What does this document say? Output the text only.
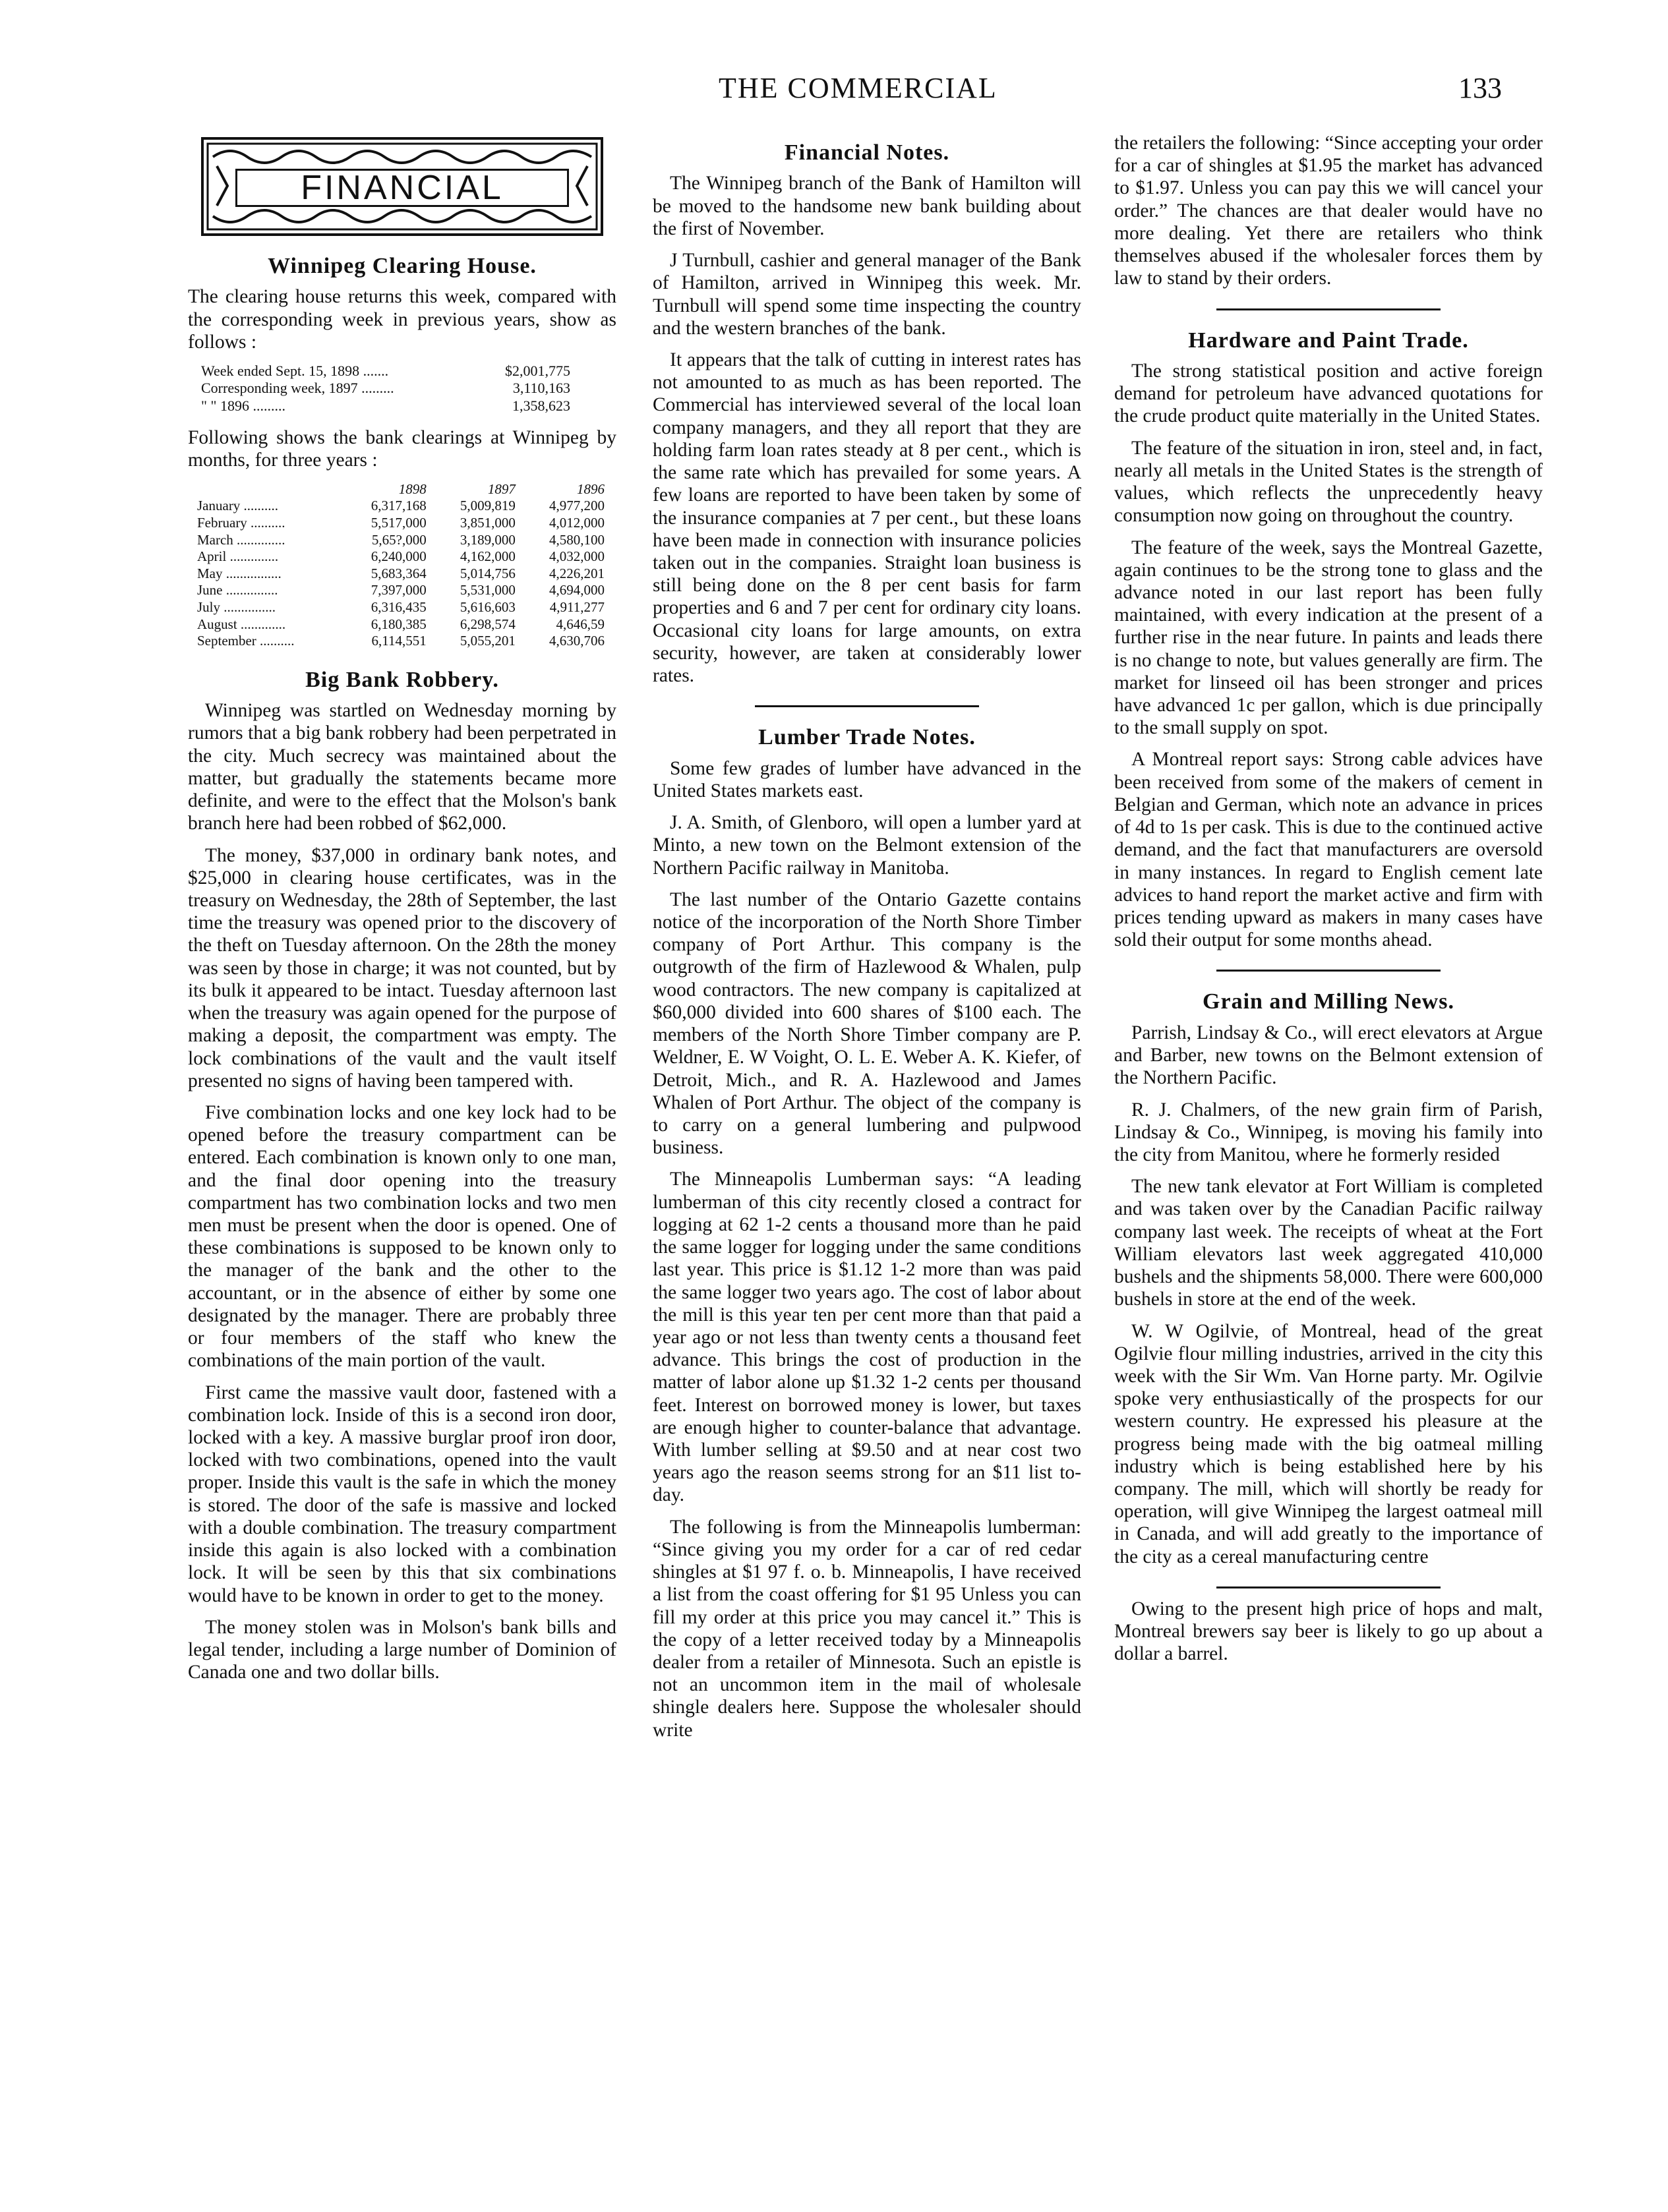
THE COMMERCIAL	133
FINANCIAL
Winnipeg Clearing House.

The clearing house returns this week, compared with the corresponding week in previous years, show as follows :

Week ended Sept. 15, 1898 .......	$2,001,775
Corresponding week, 1897 .........	3,110,163
" " 1896 .........	1,358,623

Following shows the bank clearings at Winnipeg by months, for three years :

	1898	1897	1896
January ..........	6,317,168	5,009,819	4,977,200
February ..........	5,517,000	3,851,000	4,012,000
March ..............	5,65?,000	3,189,000	4,580,100
April ..............	6,240,000	4,162,000	4,032,000
May ................	5,683,364	5,014,756	4,226,201
June ...............	7,397,000	5,531,000	4,694,000
July ...............	6,316,435	5,616,603	4,911,277
August .............	6,180,385	6,298,574	4,646,59
September ..........	6,114,551	5,055,201	4,630,706
Big Bank Robbery.

Winnipeg was startled on Wednesday morning by rumors that a big bank robbery had been perpetrated in the city. Much secrecy was maintained about the matter, but gradually the statements became more definite, and were to the effect that the Molson's bank branch here had been robbed of $62,000.

The money, $37,000 in ordinary bank notes, and $25,000 in clearing house certificates, was in the treasury on Wednesday, the 28th of September, the last time the treasury was opened prior to the discovery of the theft on Tuesday afternoon. On the 28th the money was seen by those in charge; it was not counted, but by its bulk it appeared to be intact. Tuesday afternoon last when the treasury was again opened for the purpose of making a deposit, the compartment was empty. The lock combinations of the vault and the vault itself presented no signs of having been tampered with.

Five combination locks and one key lock had to be opened before the treasury compartment can be entered. Each combination is known only to one man, and the final door opening into the treasury compartment has two combination locks and two men men must be present when the door is opened. One of these combinations is supposed to be known only to the manager of the bank and the other to the accountant, or in the absence of either by some one designated by the manager. There are probably three or four members of the staff who knew the combinations of the main portion of the vault.

First came the massive vault door, fastened with a combination lock. Inside of this is a second iron door, locked with a key. A massive burglar proof iron door, locked with two combinations, opened into the vault proper. Inside this vault is the safe in which the money is stored. The door of the safe is massive and locked with a double combination. The treasury compartment inside this again is also locked with a combination lock. It will be seen by this that six combinations would have to be known in order to get to the money.

The money stolen was in Molson's bank bills and legal tender, including a large number of Dominion of Canada one and two dollar bills.

Financial Notes.

The Winnipeg branch of the Bank of Hamilton will be moved to the handsome new bank building about the first of November.

J Turnbull, cashier and general manager of the Bank of Hamilton, arrived in Winnipeg this week. Mr. Turnbull will spend some time inspecting the country and the western branches of the bank.

It appears that the talk of cutting in interest rates has not amounted to as much as has been reported. The Commercial has interviewed several of the local loan company managers, and they all report that they are holding farm loan rates steady at 8 per cent., which is the same rate which has prevailed for some years. A few loans are reported to have been taken by some of the insurance companies at 7 per cent., but these loans have been made in connection with insurance policies taken out in the companies. Straight loan business is still being done on the 8 per cent basis for farm properties and 6 and 7 per cent for ordinary city loans. Occasional city loans for large amounts, on extra security, however, are taken at considerably lower rates.

Lumber Trade Notes.

Some few grades of lumber have advanced in the United States markets east.

J. A. Smith, of Glenboro, will open a lumber yard at Minto, a new town on the Belmont extension of the Northern Pacific railway in Manitoba.

The last number of the Ontario Gazette contains notice of the incorporation of the North Shore Timber company of Port Arthur. This company is the outgrowth of the firm of Hazlewood & Whalen, pulp wood contractors. The new company is capitalized at $60,000 divided into 600 shares of $100 each. The members of the North Shore Timber company are P. Weldner, E. W Voight, O. L. E. Weber A. K. Kiefer, of Detroit, Mich., and R. A. Hazlewood and James Whalen of Port Arthur. The object of the company is to carry on a general lumbering and pulpwood business.

The Minneapolis Lumberman says: “A leading lumberman of this city recently closed a contract for logging at 62 1-2 cents a thousand more than he paid the same logger for logging under the same conditions last year. This price is $1.12 1-2 more than was paid the same logger two years ago. The cost of labor about the mill is this year ten per cent more than that paid a year ago or not less than twenty cents a thousand feet advance. This brings the cost of production in the matter of labor alone up $1.32 1-2 cents per thousand feet. Interest on borrowed money is lower, but taxes are enough higher to counter-balance that advantage. With lumber selling at $9.50 and at near cost two years ago the reason seems strong for an $11 list to-day.

The following is from the Minneapolis lumberman: “Since giving you my order for a car of red cedar shingles at $1 97 f. o. b. Minneapolis, I have received a list from the coast offering for $1 95 Unless you can fill my order at this price you may cancel it.” This is the copy of a letter received today by a Minneapolis dealer from a retailer of Minnesota. Such an epistle is not an uncommon item in the mail of wholesale shingle dealers here. Suppose the wholesaler should write

the retailers the following: “Since accepting your order for a car of shingles at $1.95 the market has advanced to $1.97. Unless you can pay this we will cancel your order.” The chances are that dealer would have no more dealing. Yet there are retailers who think themselves abused if the wholesaler forces them by law to stand by their orders.

Hardware and Paint Trade.

The strong statistical position and active foreign demand for petroleum have advanced quotations for the crude product quite materially in the United States.

The feature of the situation in iron, steel and, in fact, nearly all metals in the United States is the strength of values, which reflects the unprecedently heavy consumption now going on throughout the country.

The feature of the week, says the Montreal Gazette, again continues to be the strong tone to glass and the advance noted in our last report has been fully maintained, with every indication at the present of a further rise in the near future. In paints and leads there is no change to note, but values generally are firm. The market for linseed oil has been stronger and prices have advanced 1c per gallon, which is due principally to the small supply on spot.

A Montreal report says: Strong cable advices have been received from some of the makers of cement in Belgian and German, which note an advance in prices of 4d to 1s per cask. This is due to the continued active demand, and the fact that manufacturers are oversold in many instances. In regard to English cement late advices to hand report the market active and firm with prices tending upward as makers in many cases have sold their output for some months ahead.

Grain and Milling News.

Parrish, Lindsay & Co., will erect elevators at Argue and Barber, new towns on the Belmont extension of the Northern Pacific.

R. J. Chalmers, of the new grain firm of Parish, Lindsay & Co., Winnipeg, is moving his family into the city from Manitou, where he formerly resided

The new tank elevator at Fort William is completed and was taken over by the Canadian Pacific railway company last week. The receipts of wheat at the Fort William elevators last week aggregated 410,000 bushels and the shipments 58,000. There were 600,000 bushels in store at the end of the week.

W. W Ogilvie, of Montreal, head of the great Ogilvie flour milling industries, arrived in the city this week with the Sir Wm. Van Horne party. Mr. Ogilvie spoke very enthusiastically of the prospects for our western country. He expressed his pleasure at the progress being made with the big oatmeal milling industry which is being established here by his company. The mill, which will shortly be ready for operation, will give Winnipeg the largest oatmeal mill in Canada, and will add greatly to the importance of the city as a cereal manufacturing centre

Owing to the present high price of hops and malt, Montreal brewers say beer is likely to go up about a dollar a barrel.
